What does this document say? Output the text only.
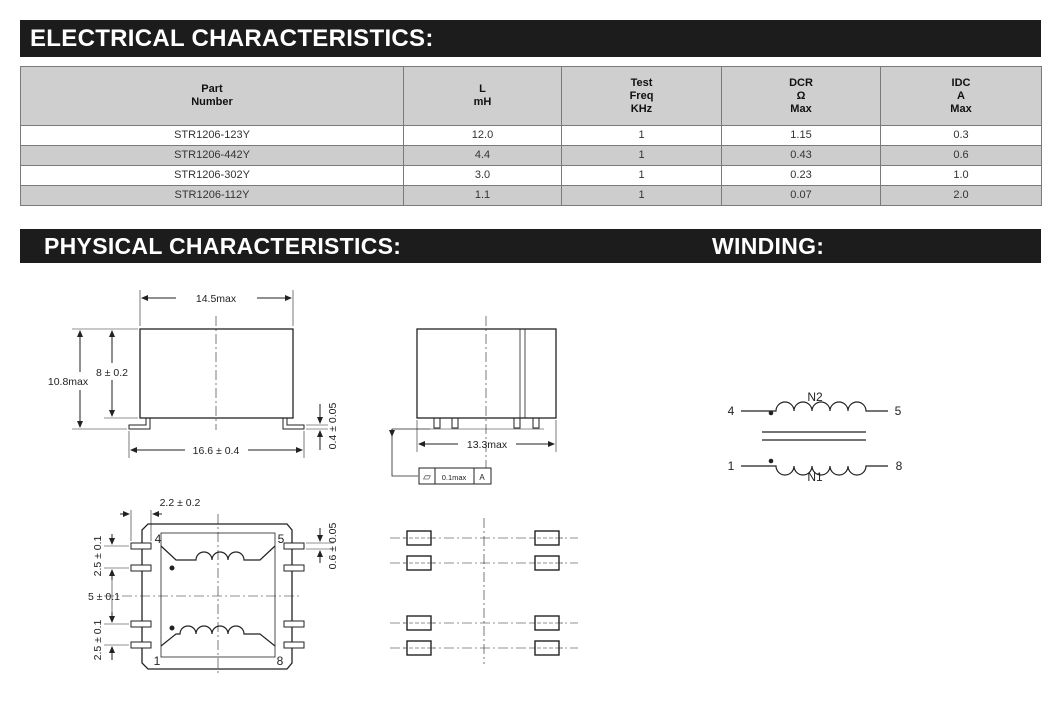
ELECTRICAL CHARACTERISTICS:
Part
Number	L
mH	Test
Freq
KHz	DCR
Ω
Max	IDC
A
Max

STR1206-123Y	12.0	1	1.15	0.3
STR1206-442Y	4.4	1	0.43	0.6
STR1206-302Y	3.0	1	0.23	1.0
STR1206-112Y	1.1	1	0.07	2.0
PHYSICAL CHARACTERISTICS:	WINDING:
14.5max
10.8max
8 ± 0.2
16.6 ± 0.4
0.4 ± 0.05	13.3max
▱ 0.1max A
2.2 ± 0.2
0.6 ± 0.05
2.5 ± 0.1
5 ± 0.1
2.5 ± 0.1
4	5
1	8
N2
N1
4	5
1	8
